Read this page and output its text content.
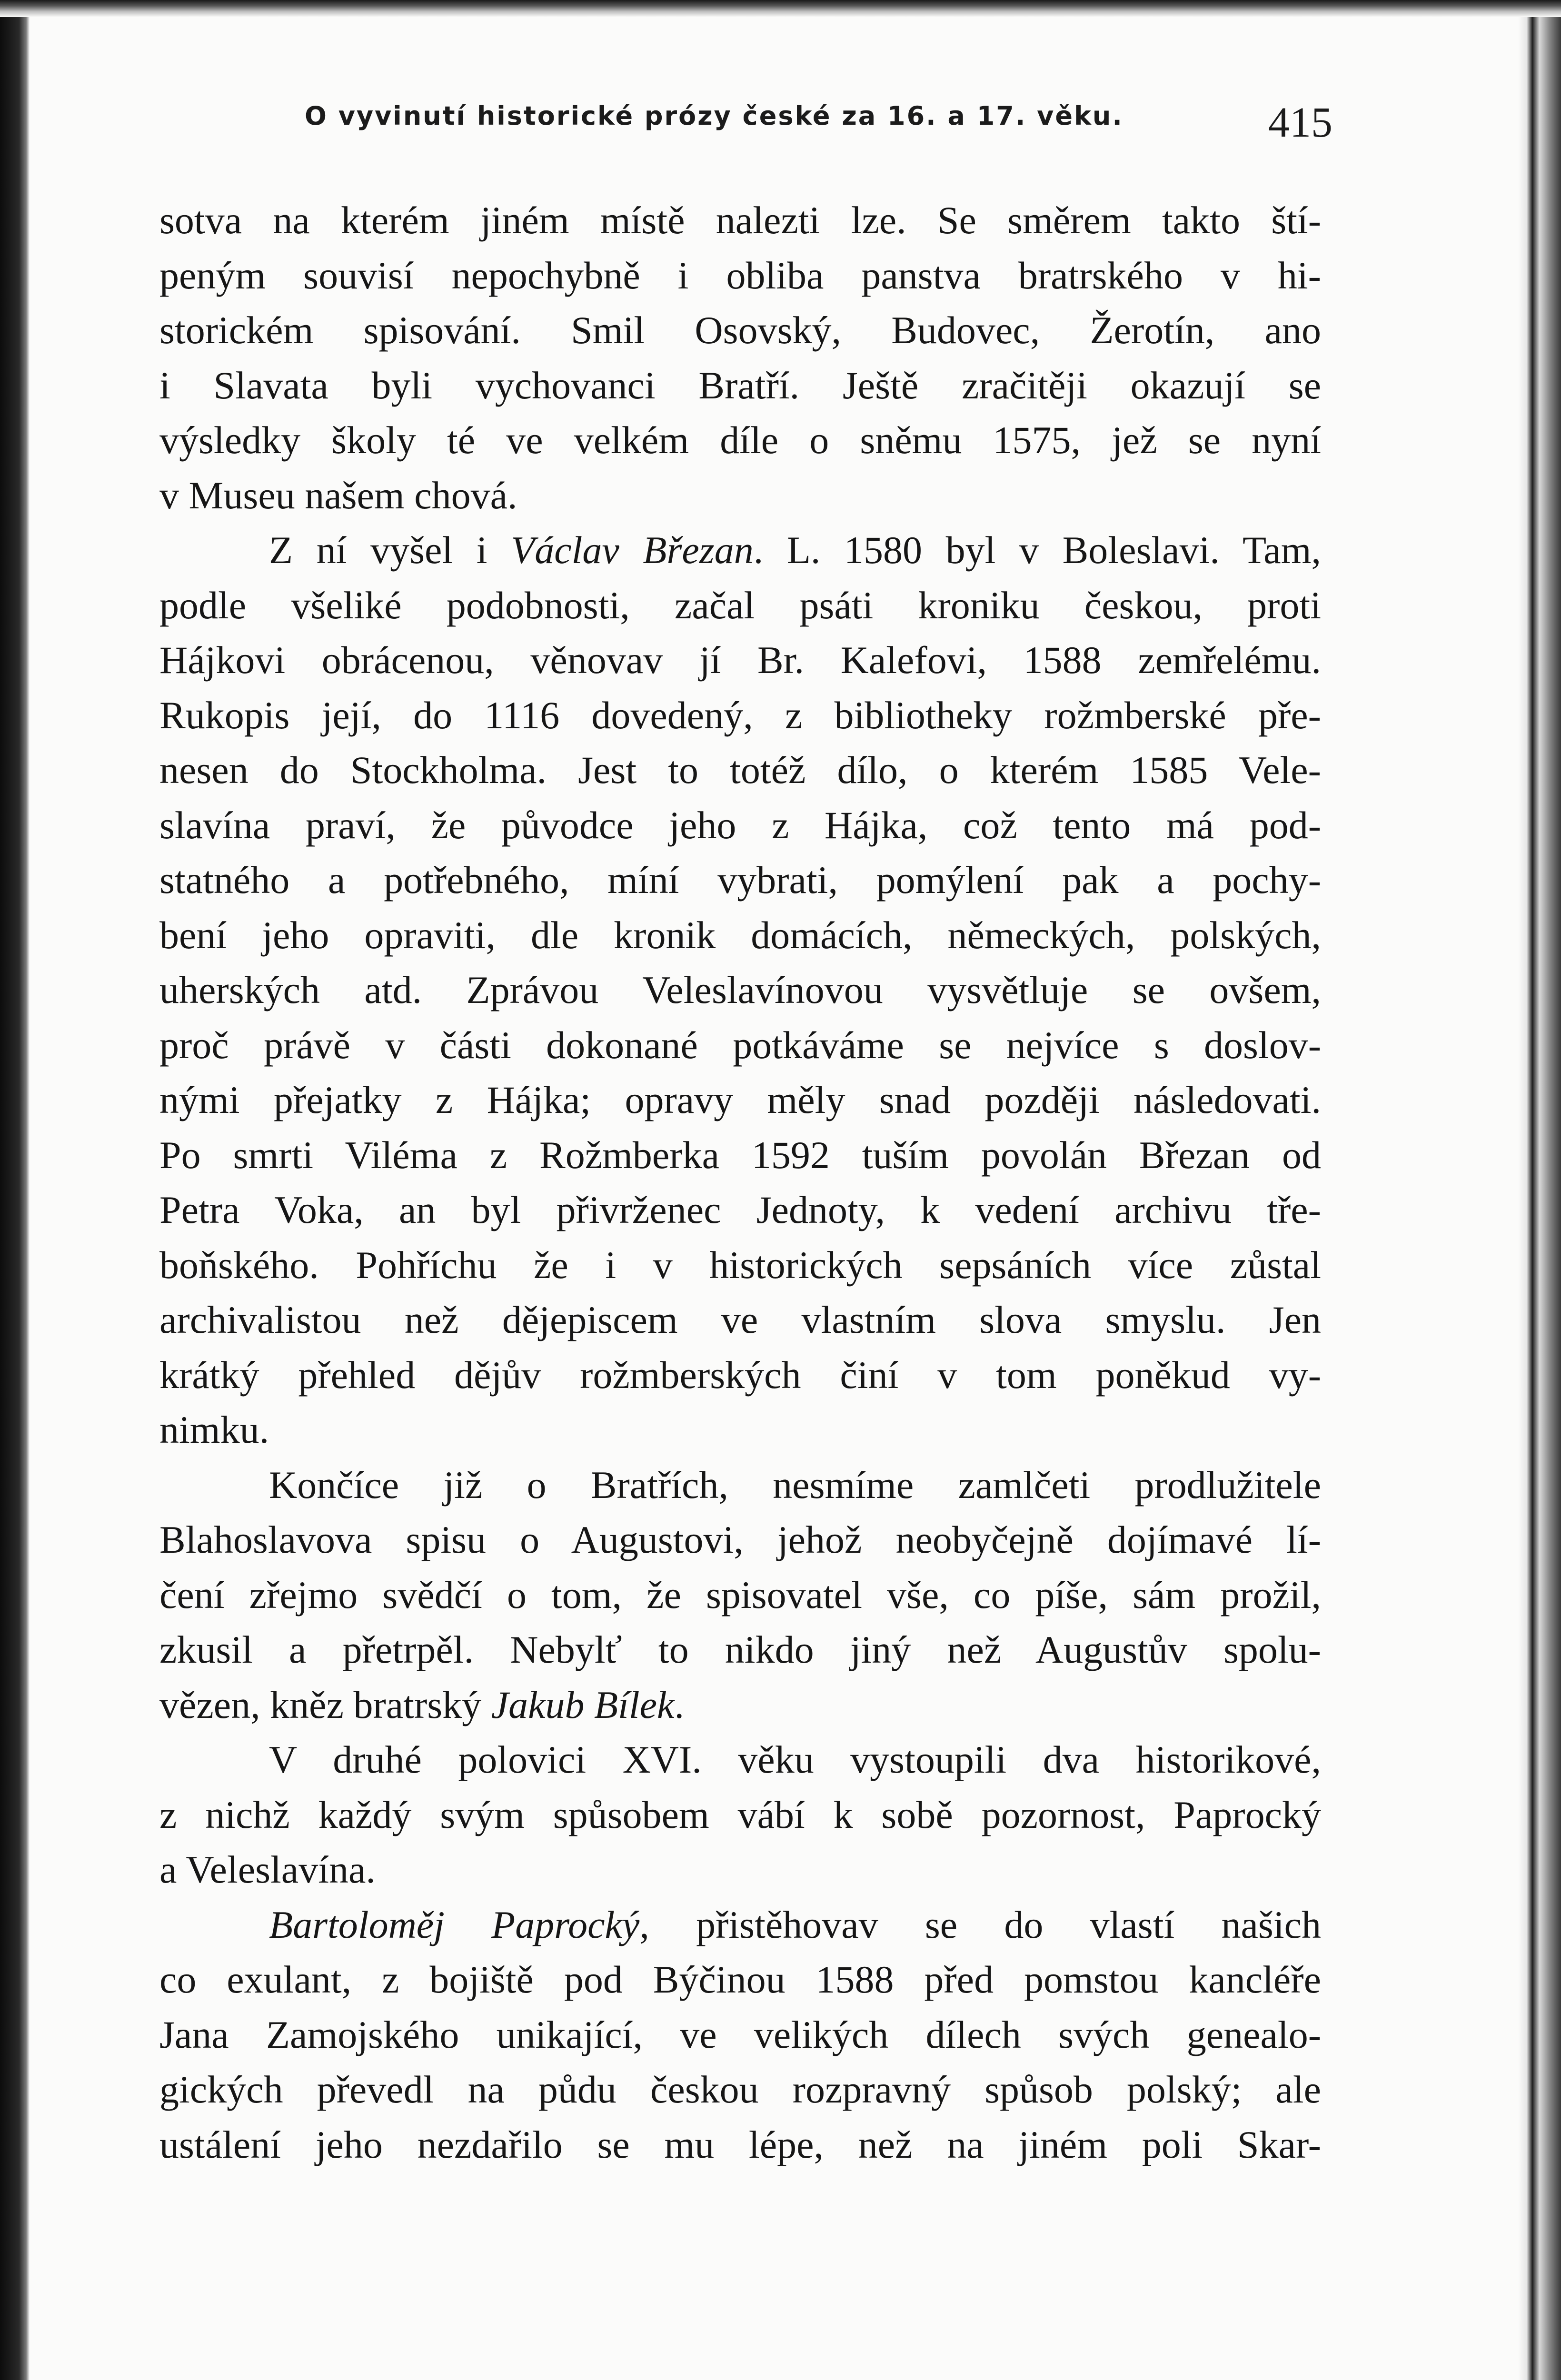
O vyvinutí historické prózy české za 16. a 17. věku.	415
sotva na kterém jiném místě nalezti lze. Se směrem takto ští-
peným souvisí nepochybně i obliba panstva bratrského v hi-
storickém spisování. Smil Osovský, Budovec, Žerotín, ano
i Slavata byli vychovanci Bratří. Ještě zračitěji okazují se
výsledky školy té ve velkém díle o sněmu 1575, jež se nyní
v Museu našem chová.
Z ní vyšel i Václav Březan. L. 1580 byl v Boleslavi. Tam,
podle všeliké podobnosti, začal psáti kroniku českou, proti
Hájkovi obrácenou, věnovav jí Br. Kalefovi, 1588 zemřelému.
Rukopis její, do 1116 dovedený, z bibliotheky rožmberské pře-
nesen do Stockholma. Jest to totéž dílo, o kterém 1585 Vele-
slavína praví, že původce jeho z Hájka, což tento má pod-
statného a potřebného, míní vybrati, pomýlení pak a pochy-
bení jeho opraviti, dle kronik domácích, německých, polských,
uherských atd. Zprávou Veleslavínovou vysvětluje se ovšem,
proč právě v části dokonané potkáváme se nejvíce s doslov-
nými přejatky z Hájka; opravy měly snad později následovati.
Po smrti Viléma z Rožmberka 1592 tuším povolán Březan od
Petra Voka, an byl přivrženec Jednoty, k vedení archivu tře-
boňského. Pohříchu že i v historických sepsáních více zůstal
archivalistou než dějepiscem ve vlastním slova smyslu. Jen
krátký přehled dějův rožmberských činí v tom poněkud vy-
nimku.
Končíce již o Bratřích, nesmíme zamlčeti prodlužitele
Blahoslavova spisu o Augustovi, jehož neobyčejně dojímavé lí-
čení zřejmo svědčí o tom, že spisovatel vše, co píše, sám prožil,
zkusil a přetrpěl. Nebylť to nikdo jiný než Augustův spolu-
vězen, kněz bratrský Jakub Bílek.
V druhé polovici XVI. věku vystoupili dva historikové,
z nichž každý svým spůsobem vábí k sobě pozornost, Paprocký
a Veleslavína.
Bartoloměj Paprocký, přistěhovav se do vlastí našich
co exulant, z bojiště pod Býčinou 1588 před pomstou kancléře
Jana Zamojského unikající, ve velikých dílech svých genealo-
gických převedl na půdu českou rozpravný spůsob polský; ale
ustálení jeho nezdařilo se mu lépe, než na jiném poli Skar-
